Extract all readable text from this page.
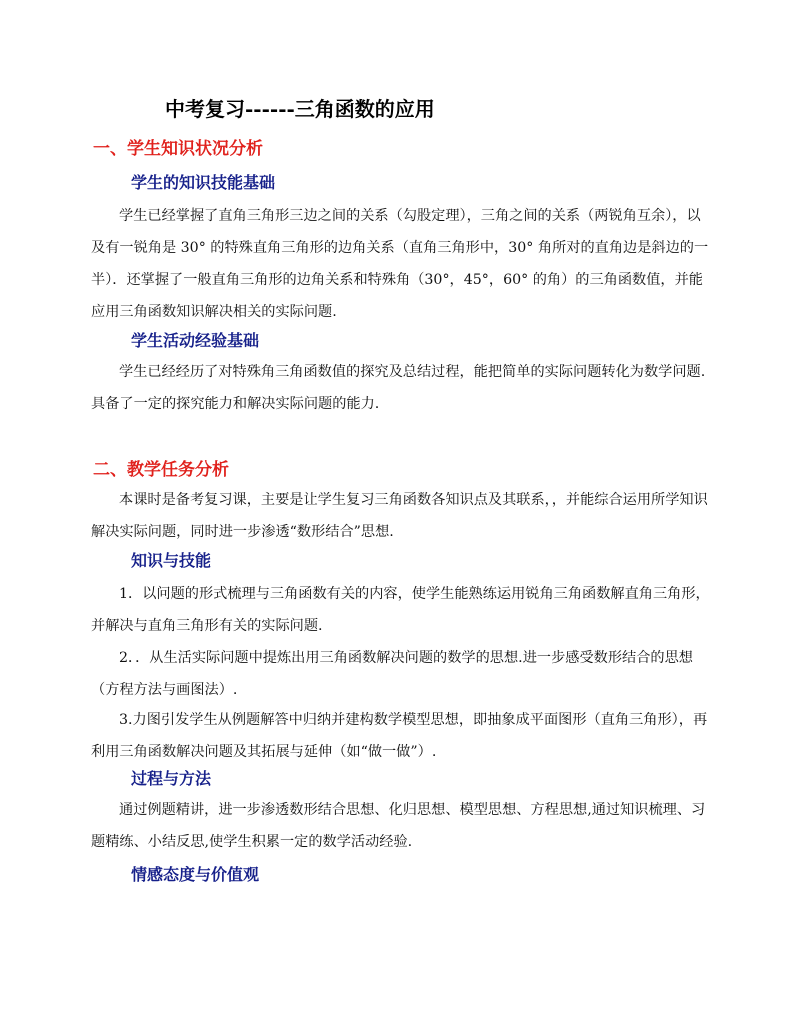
中考复习------三角函数的应用
一、学生知识状况分析
学生的知识技能基础
学生已经掌握了直角三角形三边之间的关系（勾股定理），三角之间的关系（两锐角互余），以及有一锐角是 30° 的特殊直角三角形的边角关系（直角三角形中，30° 角所对的直角边是斜边的一半）．还掌握了一般直角三角形的边角关系和特殊角（30°，45°，60° 的角）的三角函数值，并能应用三角函数知识解决相关的实际问题.
学生活动经验基础
学生已经经历了对特殊角三角函数值的探究及总结过程，能把简单的实际问题转化为数学问题.具备了一定的探究能力和解决实际问题的能力.
二、教学任务分析
本课时是备考复习课，主要是让学生复习三角函数各知识点及其联系，，并能综合运用所学知识解决实际问题，同时进一步渗透“数形结合”思想.
知识与技能
1．以问题的形式梳理与三角函数有关的内容，使学生能熟练运用锐角三角函数解直角三角形，并解决与直角三角形有关的实际问题.
2．．从生活实际问题中提炼出用三角函数解决问题的数学的思想.进一步感受数形结合的思想（方程方法与画图法）.
3.力图引发学生从例题解答中归纳并建构数学模型思想，即抽象成平面图形（直角三角形），再利用三角函数解决问题及其拓展与延伸（如“做一做”）.
过程与方法
通过例题精讲，进一步渗透数形结合思想、化归思想、模型思想、方程思想,通过知识梳理、习题精练、小结反思,使学生积累一定的数学活动经验.
情感态度与价值观
